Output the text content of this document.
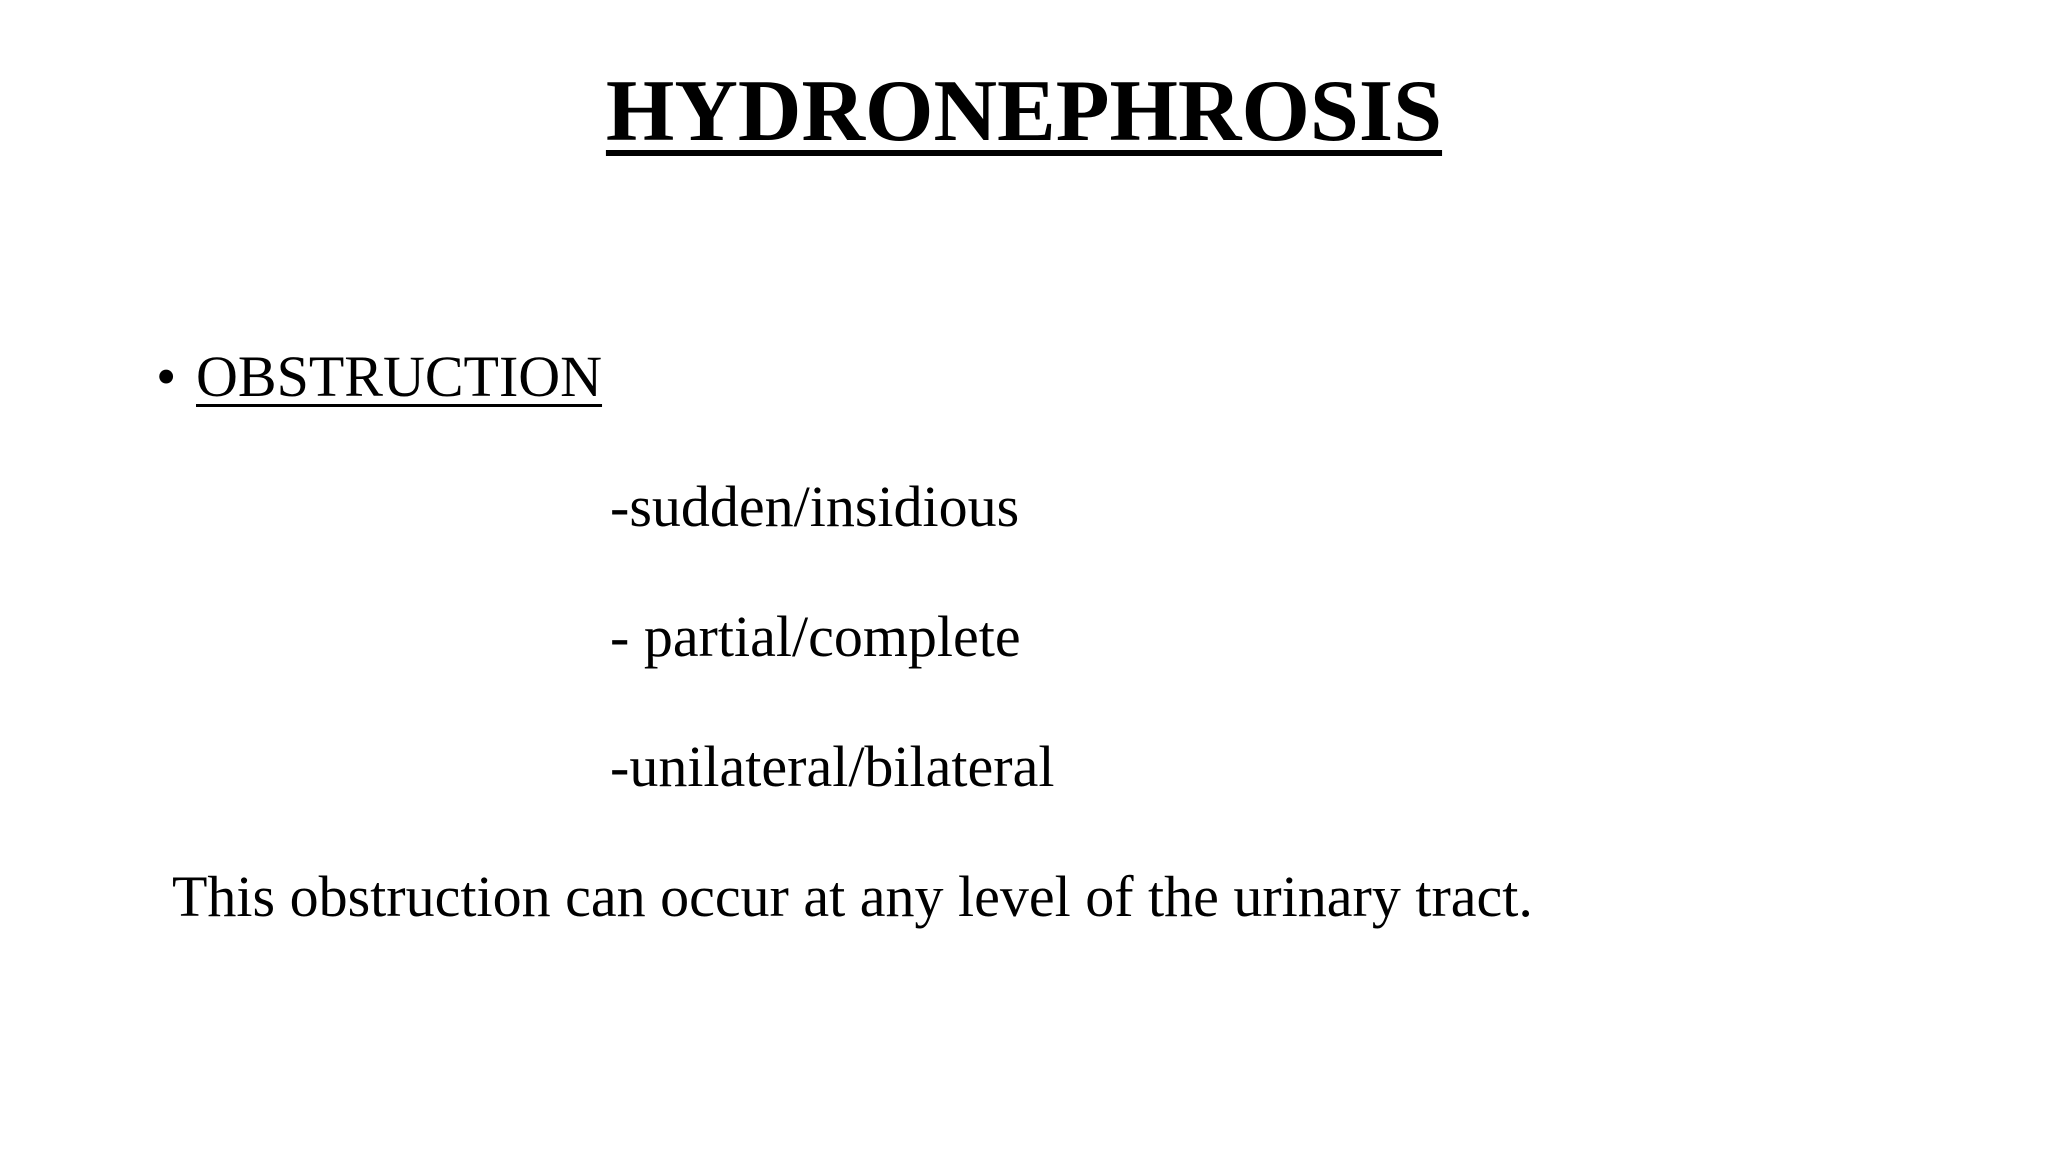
HYDRONEPHROSIS
• OBSTRUCTION
-sudden/insidious
- partial/complete
-unilateral/bilateral
This obstruction can occur at any level of the urinary tract.
